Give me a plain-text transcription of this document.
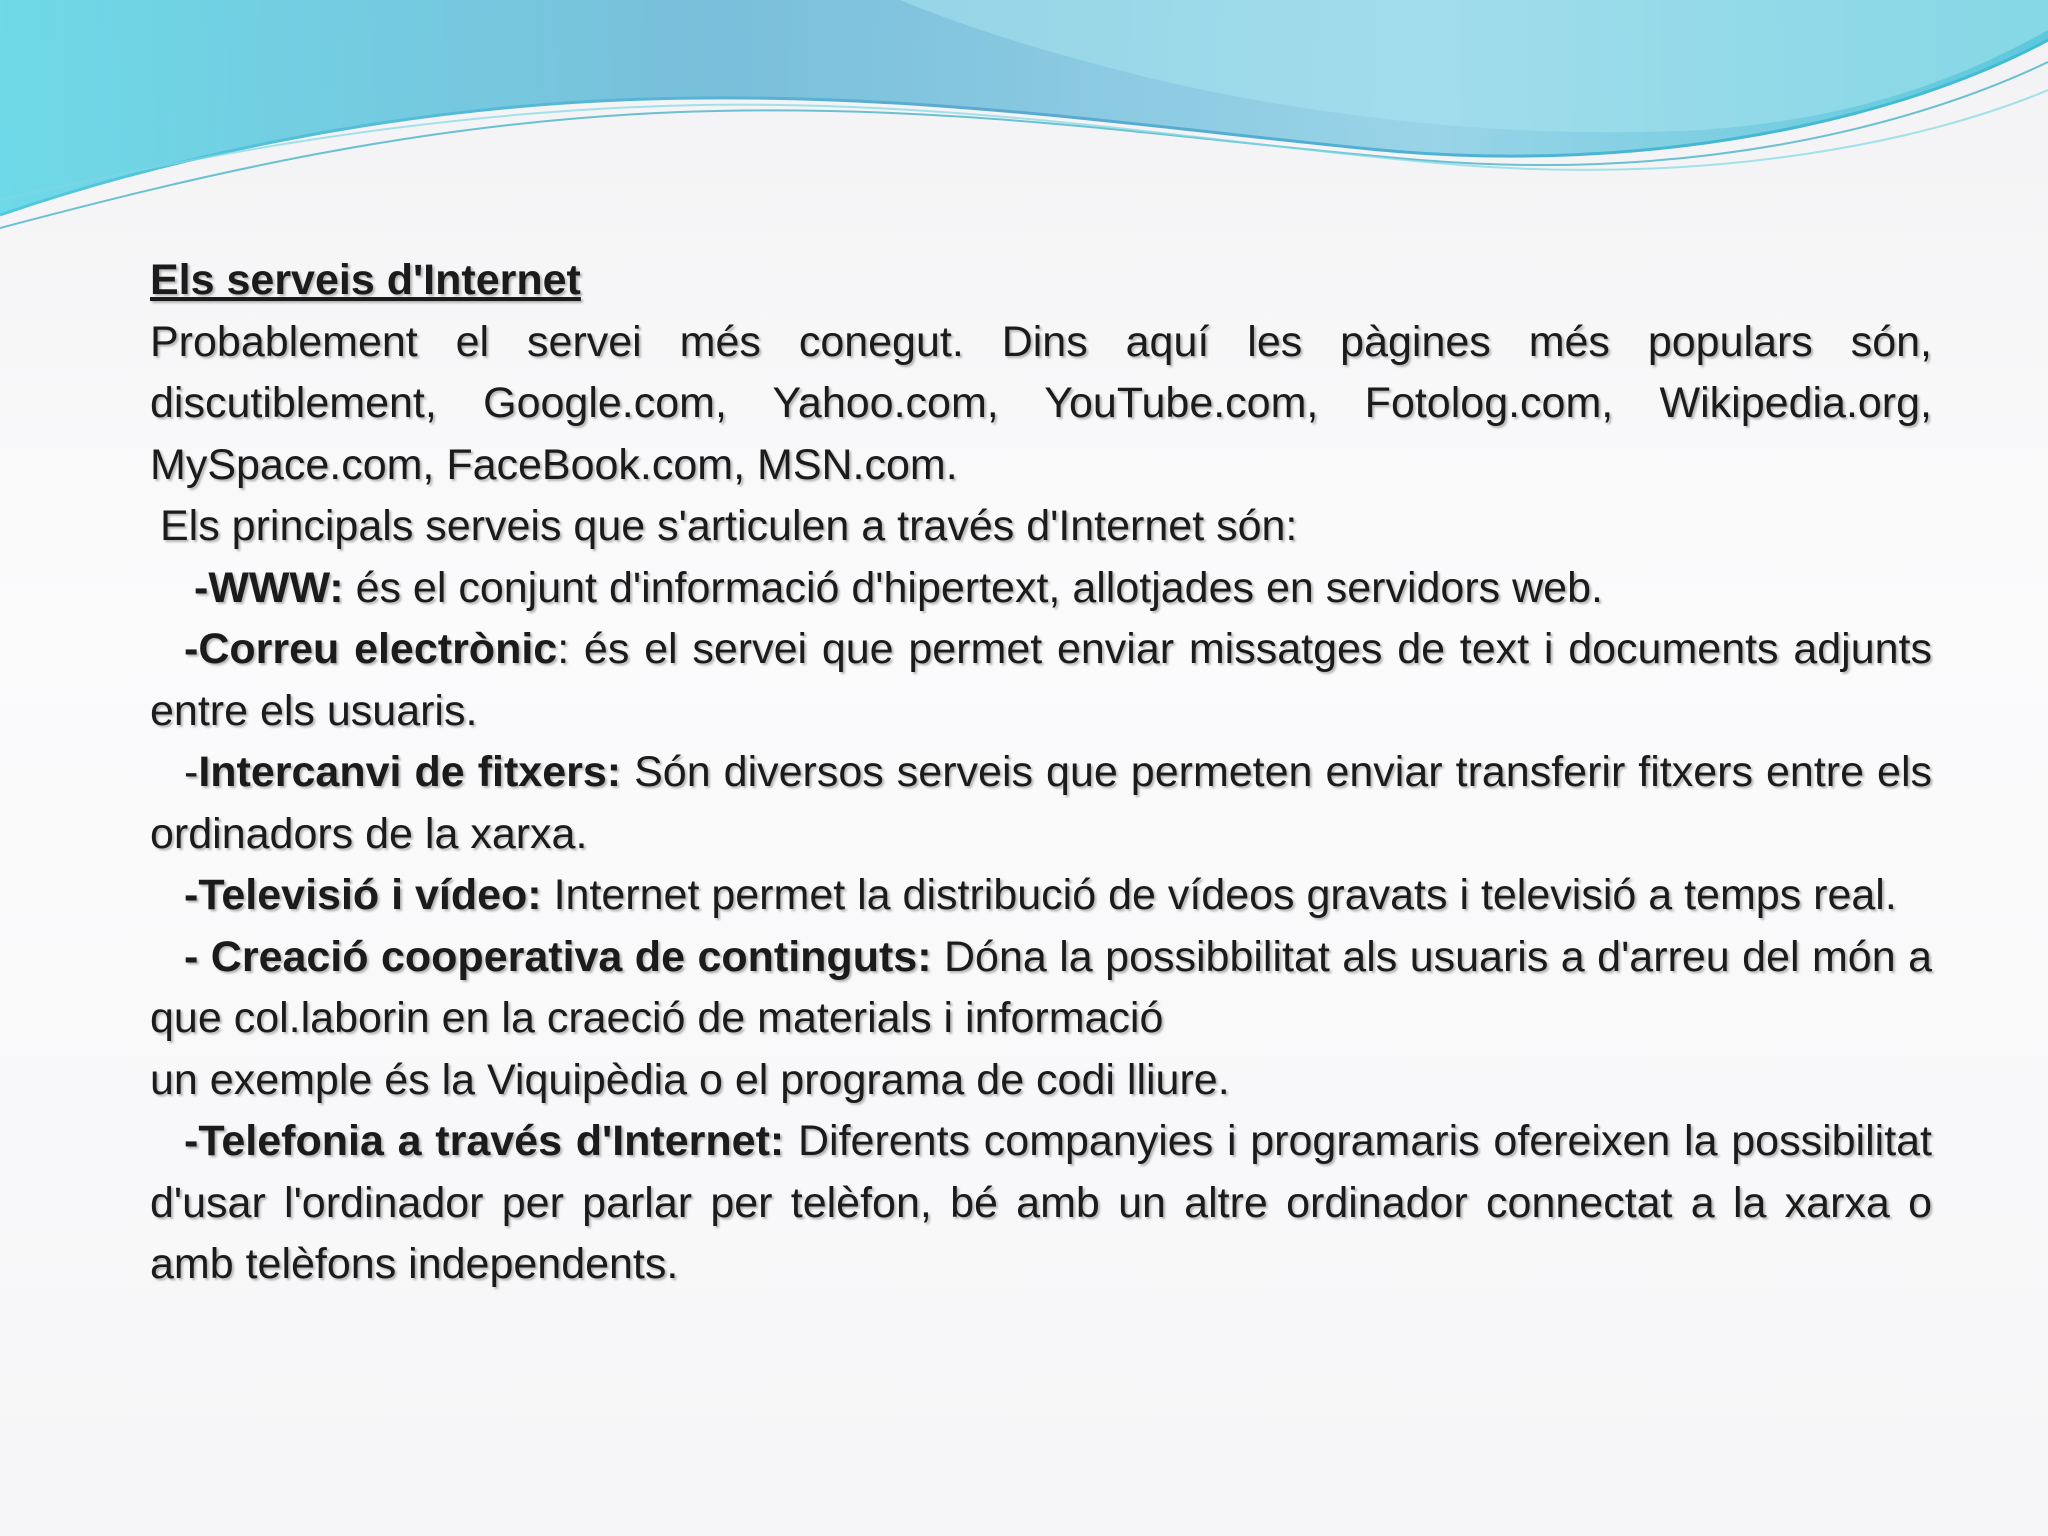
Els serveis d'Internet

Probablement el servei més conegut. Dins aquí les pàgines més populars són, discutiblement, Google.com, Yahoo.com, YouTube.com, Fotolog.com, Wikipedia.org, MySpace.com, FaceBook.com, MSN.com.

Els principals serveis que s'articulen a través d'Internet són:

-WWW: és el conjunt d'informació d'hipertext, allotjades en servidors web.

-Correu electrònic: és el servei que permet enviar missatges de text i documents adjunts entre els usuaris.

-Intercanvi de fitxers: Són diversos serveis que permeten enviar transferir fitxers entre els ordinadors de la xarxa.

-Televisió i vídeo: Internet permet la distribució de vídeos gravats i televisió a temps real.

- Creació cooperativa de continguts: Dóna la possibbilitat als usuaris a d'arreu del món a que col.laborin en la craeció de materials i informació

un exemple és la Viquipèdia o el programa de codi lliure.

-Telefonia a través d'Internet: Diferents companyies i programaris ofereixen la possibilitat d'usar l'ordinador per parlar per telèfon, bé amb un altre ordinador connectat a la xarxa o amb telèfons independents.
